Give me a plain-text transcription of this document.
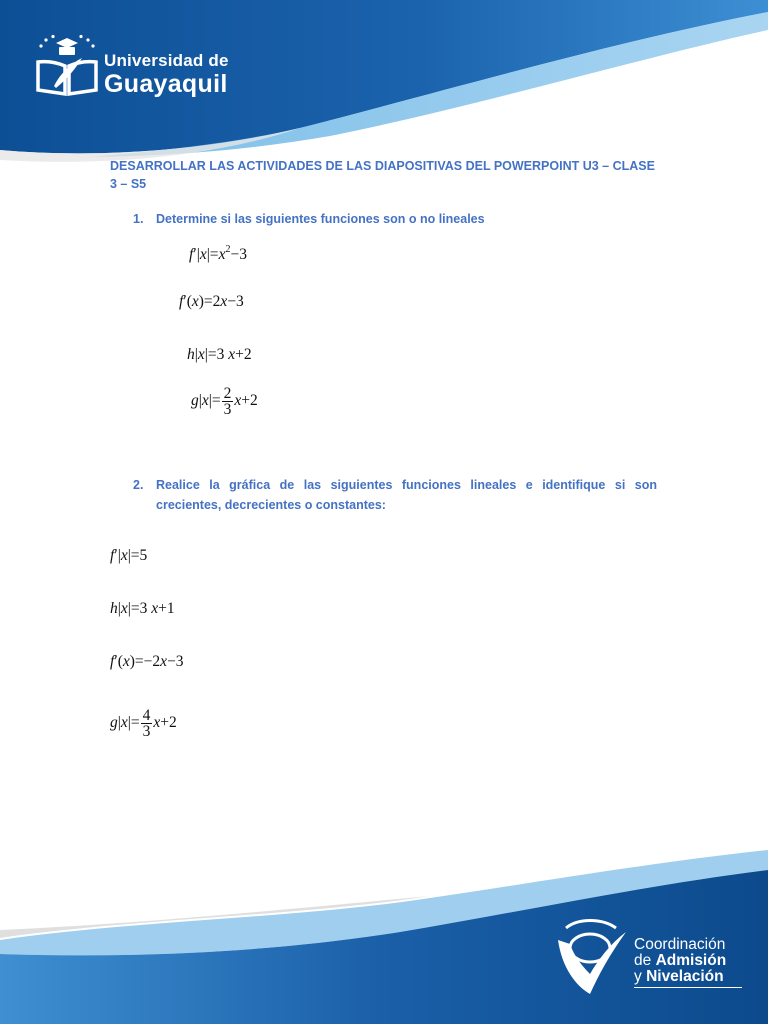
Universidad de
Guayaquil
DESARROLLAR LAS ACTIVIDADES DE LAS DIAPOSITIVAS DEL POWERPOINT U3 – CLASE 3 – S5
1.	Determine si las siguientes funciones son o no lineales
$f'|x|=x^2-3$
f′(x)=2x−3
h|x|=3 x+2
$g|x|= \frac{2}{3} x+2$
2.	Realice la gráfica de las siguientes funciones lineales e identifique si son crecientes, decrecientes o constantes:
f′|x|=5
h|x|=3 x+1
f′(x)=−2x−3
$g|x|= \frac{4}{3} x+2$
Coordinación
de Admisión
y Nivelación
